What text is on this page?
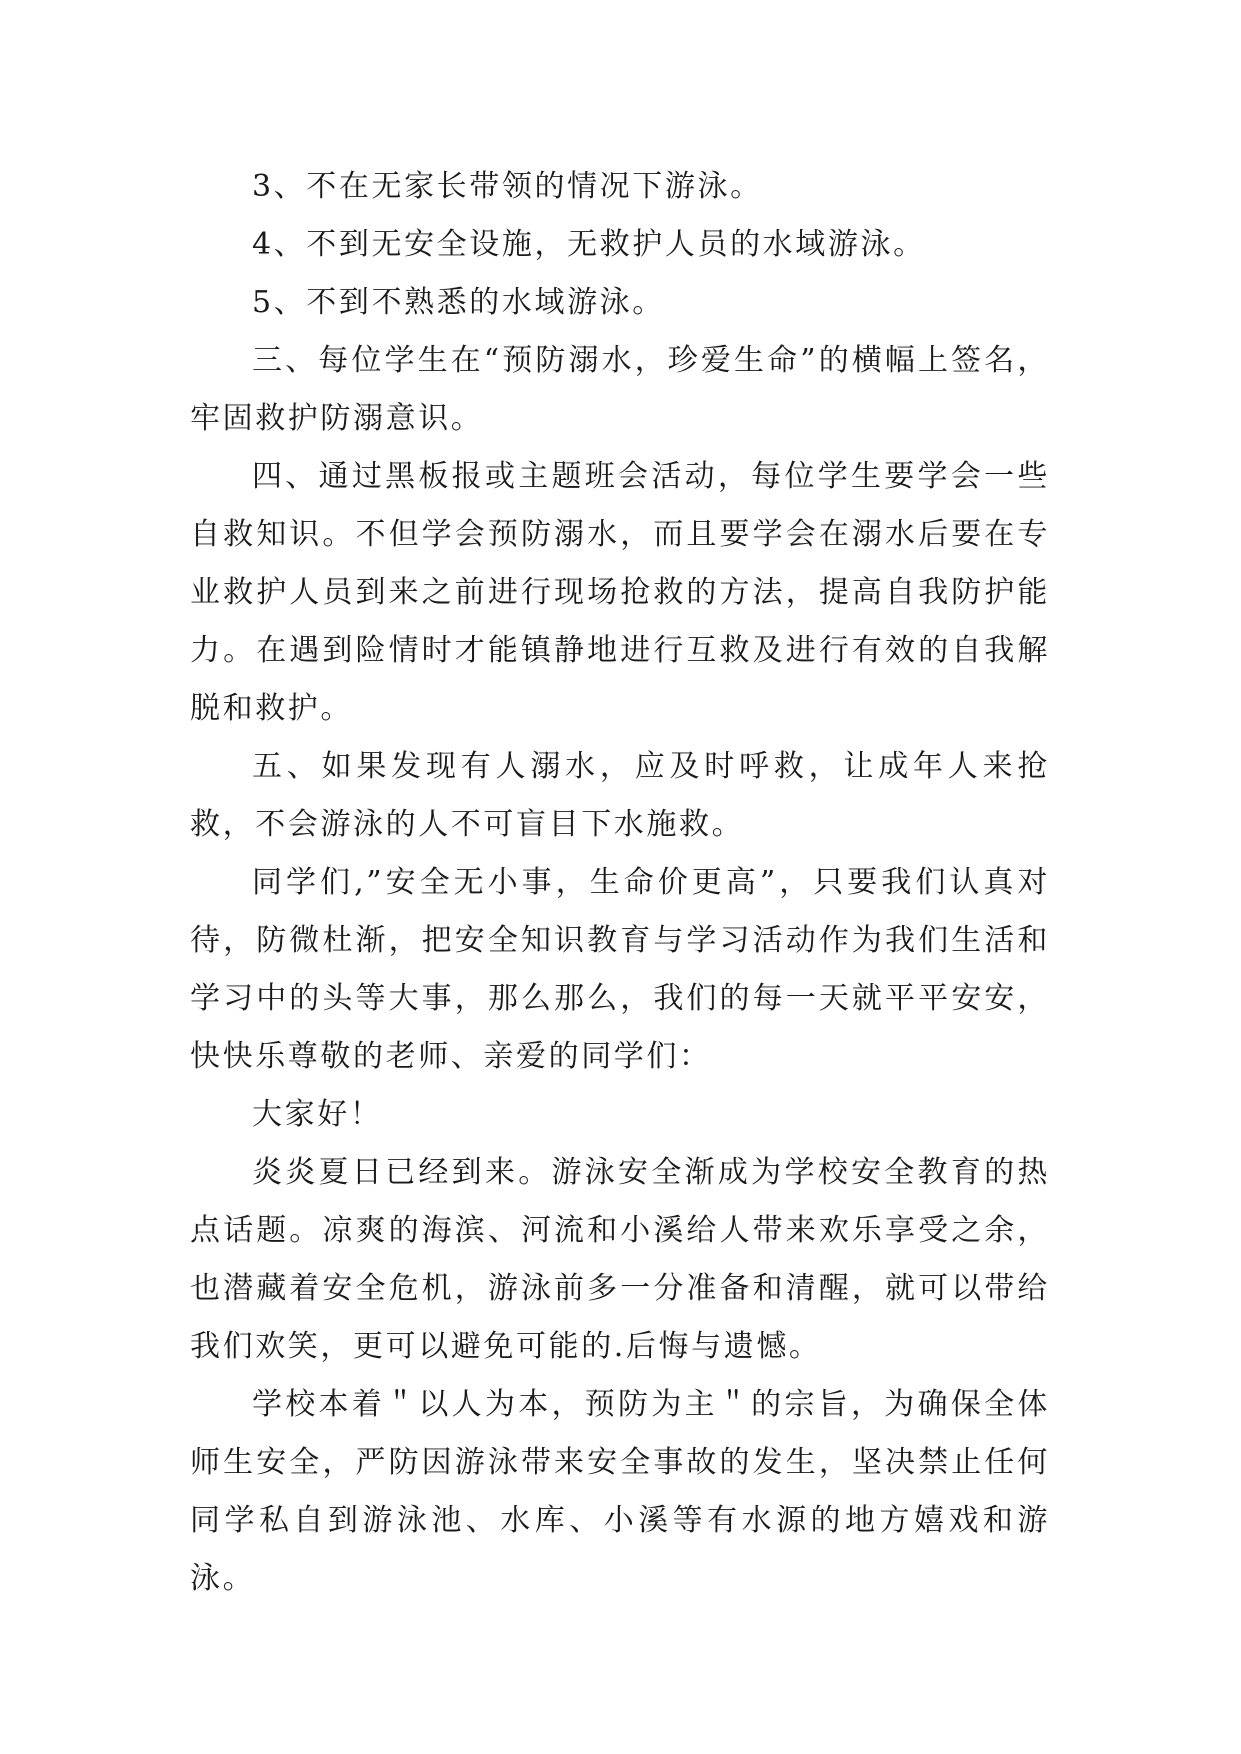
3、不在无家长带领的情况下游泳。

4、不到无安全设施，无救护人员的水域游泳。

5、不到不熟悉的水域游泳。

三、每位学生在“预防溺水，珍爱生命”的横幅上签名，牢固救护防溺意识。

四、通过黑板报或主题班会活动，每位学生要学会一些自救知识。不但学会预防溺水，而且要学会在溺水后要在专业救护人员到来之前进行现场抢救的方法，提高自我防护能力。在遇到险情时才能镇静地进行互救及进行有效的自我解脱和救护。

五、如果发现有人溺水，应及时呼救，让成年人来抢救，不会游泳的人不可盲目下水施救。

同学们,”安全无小事，生命价更高”，只要我们认真对待，防微杜渐，把安全知识教育与学习活动作为我们生活和学习中的头等大事，那么那么，我们的每一天就平平安安，快快乐尊敬的老师、亲爱的同学们：

大家好！

炎炎夏日已经到来。游泳安全渐成为学校安全教育的热点话题。凉爽的海滨、河流和小溪给人带来欢乐享受之余，也潜藏着安全危机，游泳前多一分准备和清醒，就可以带给我们欢笑，更可以避免可能的.后悔与遗憾。

学校本着＂以人为本，预防为主＂的宗旨，为确保全体师生安全，严防因游泳带来安全事故的发生，坚决禁止任何同学私自到游泳池、水库、小溪等有水源的地方嬉戏和游泳。
